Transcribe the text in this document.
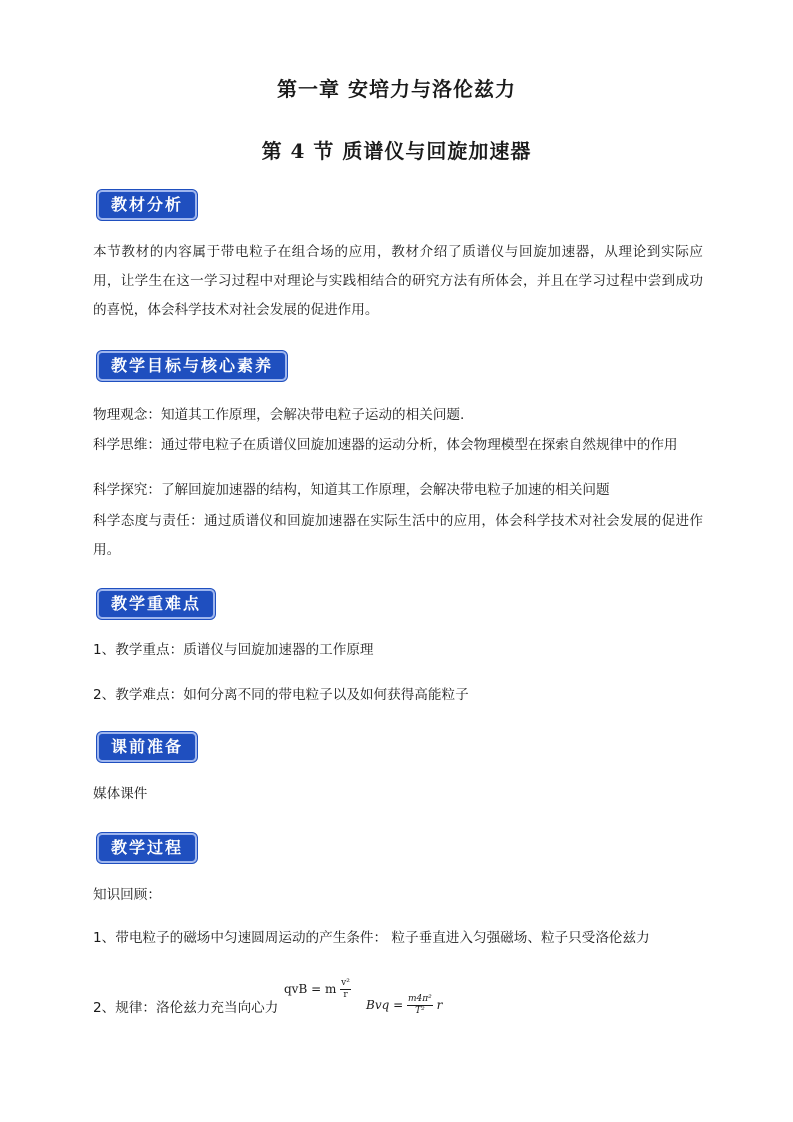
第一章 安培力与洛伦兹力
第 4 节 质谱仪与回旋加速器
教材分析
本节教材的内容属于带电粒子在组合场的应用，教材介绍了质谱仪与回旋加速器，从理论到实际应用，让学生在这一学习过程中对理论与实践相结合的研究方法有所体会，并且在学习过程中尝到成功的喜悦，体会科学技术对社会发展的促进作用。
教学目标与核心素养
物理观念：知道其工作原理，会解决带电粒子运动的相关问题.
科学思维：通过带电粒子在质谱仪回旋加速器的运动分析，体会物理模型在探索自然规律中的作用
科学探究：了解回旋加速器的结构，知道其工作原理，会解决带电粒子加速的相关问题
科学态度与责任：通过质谱仪和回旋加速器在实际生活中的应用，体会科学技术对社会发展的促进作用。
教学重难点
1、教学重点：质谱仪与回旋加速器的工作原理
2、教学难点：如何分离不同的带电粒子以及如何获得高能粒子
课前准备
媒体课件
教学过程
知识回顾：
1、带电粒子的磁场中匀速圆周运动的产生条件： 粒子垂直进入匀强磁场、粒子只受洛伦兹力
2、规律：洛伦兹力充当向心力
qvB = m $\frac{\text{v²}}{r}$
Bvq = $\frac{\text{m4π²}}{\text{T²}}$ r
